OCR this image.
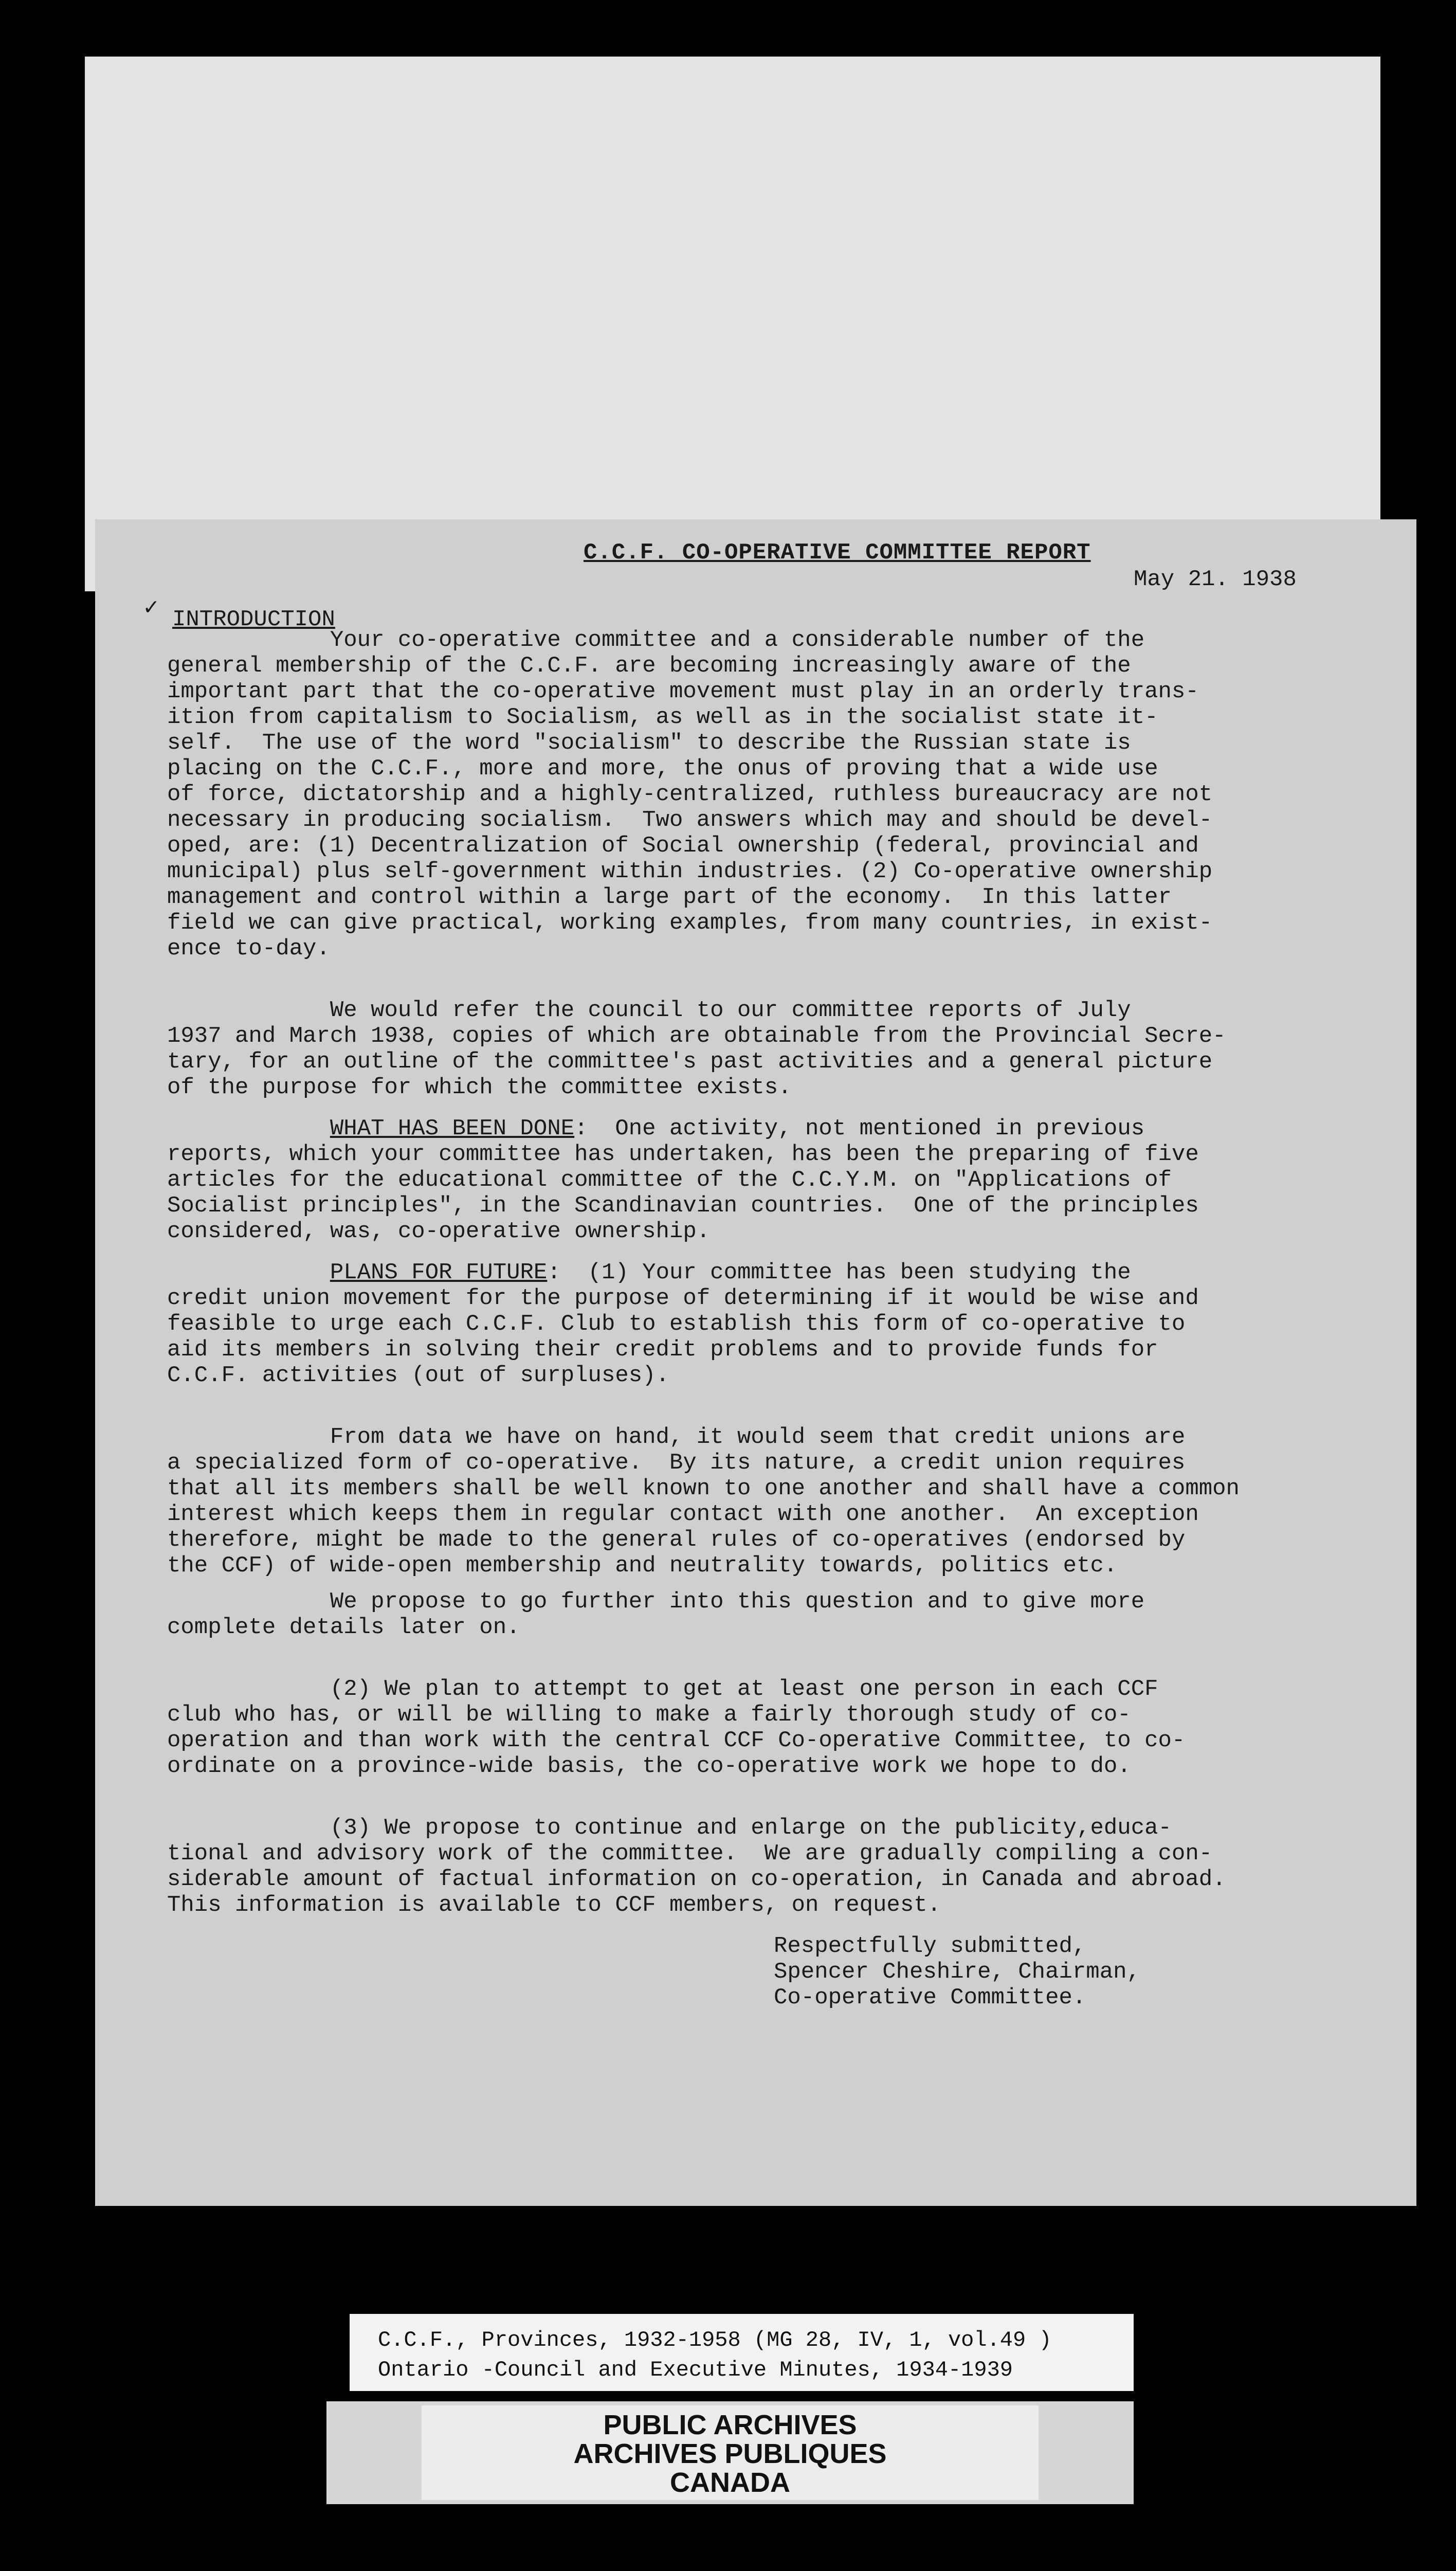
C.C.F. CO-OPERATIVE COMMITTEE REPORT
May 21. 1938
✓ INTRODUCTION
Your co-operative committee and a considerable number of the
general membership of the C.C.F. are becoming increasingly aware of the
important part that the co-operative movement must play in an orderly trans-
ition from capitalism to Socialism, as well as in the socialist state it-
self.  The use of the word "socialism" to describe the Russian state is
placing on the C.C.F., more and more, the onus of proving that a wide use
of force, dictatorship and a highly-centralized, ruthless bureaucracy are not
necessary in producing socialism.  Two answers which may and should be devel-
oped, are: (1) Decentralization of Social ownership (federal, provincial and
municipal) plus self-government within industries. (2) Co-operative ownership
management and control within a large part of the economy.  In this latter
field we can give practical, working examples, from many countries, in exist-
ence to-day.
We would refer the council to our committee reports of July
1937 and March 1938, copies of which are obtainable from the Provincial Secre-
tary, for an outline of the committee's past activities and a general picture
of the purpose for which the committee exists.
WHAT HAS BEEN DONE:  One activity, not mentioned in previous
reports, which your committee has undertaken, has been the preparing of five
articles for the educational committee of the C.C.Y.M. on "Applications of
Socialist principles", in the Scandinavian countries.  One of the principles
considered, was, co-operative ownership.
PLANS FOR FUTURE:  (1) Your committee has been studying the
credit union movement for the purpose of determining if it would be wise and
feasible to urge each C.C.F. Club to establish this form of co-operative to
aid its members in solving their credit problems and to provide funds for
C.C.F. activities (out of surpluses).
From data we have on hand, it would seem that credit unions are
a specialized form of co-operative.  By its nature, a credit union requires
that all its members shall be well known to one another and shall have a common
interest which keeps them in regular contact with one another.  An exception
therefore, might be made to the general rules of co-operatives (endorsed by
the CCF) of wide-open membership and neutrality towards, politics etc.
We propose to go further into this question and to give more
complete details later on.
(2) We plan to attempt to get at least one person in each CCF
club who has, or will be willing to make a fairly thorough study of co-
operation and than work with the central CCF Co-operative Committee, to co-
ordinate on a province-wide basis, the co-operative work we hope to do.
(3) We propose to continue and enlarge on the publicity,educa-
tional and advisory work of the committee.  We are gradually compiling a con-
siderable amount of factual information on co-operation, in Canada and abroad.
This information is available to CCF members, on request.
Respectfully submitted,
Spencer Cheshire, Chairman,
Co-operative Committee.
C.C.F., Provinces, 1932-1958 (MG 28, IV, 1, vol.49 )
Ontario -Council and Executive Minutes, 1934-1939
PUBLIC ARCHIVES
ARCHIVES PUBLIQUES
CANADA
